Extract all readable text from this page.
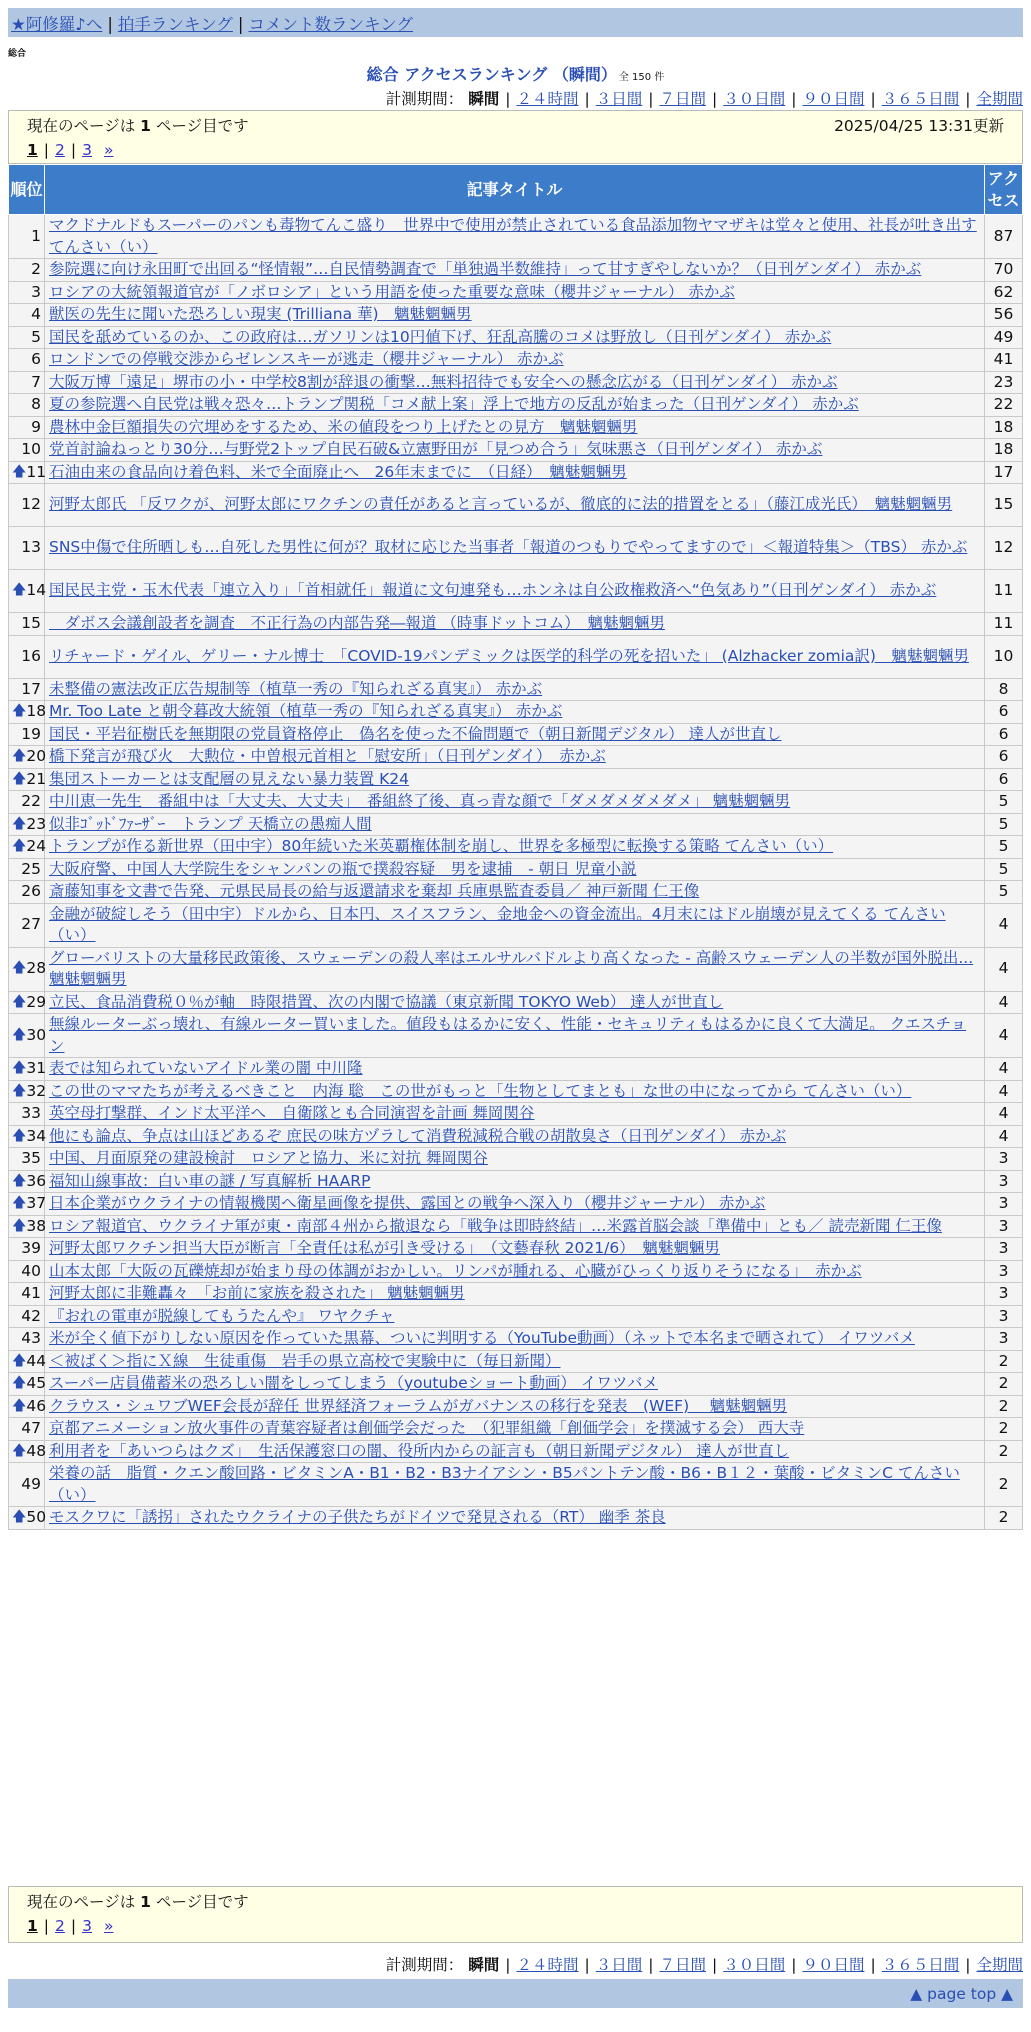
★阿修羅♪へ | 拍手ランキング | コメント数ランキング
総合
総合 アクセスランキング （瞬間） 全 150 件
計測期間： 瞬間 | ２４時間 | ３日間 | ７日間 | ３０日間 | ９０日間 | ３６５日間 | 全期間
現在のページは 1 ページ目です	2025/04/25 13:31更新
1 | 2 | 3 »
順位	記事タイトル	アクセス
1	マクドナルドもスーパーのパンも毒物てんこ盛り　世界中で使用が禁止されている食品添加物ヤマザキは堂々と使用、社長が吐き出す てんさい（い）	87
2	参院選に向け永田町で出回る“怪情報”…自民情勢調査で「単独過半数維持」って甘すぎやしないか？（日刊ゲンダイ） 赤かぶ	70
3	ロシアの大統領報道官が「ノボロシア」という用語を使った重要な意味（櫻井ジャーナル） 赤かぶ	62
4	獣医の先生に聞いた恐ろしい現実 (Trilliana 華)　魑魅魍魎男	56
5	国民を舐めているのか、この政府は…ガソリンは10円値下げ、狂乱高騰のコメは野放し（日刊ゲンダイ） 赤かぶ	49
6	ロンドンでの停戦交渉からゼレンスキーが逃走（櫻井ジャーナル） 赤かぶ	41
7	大阪万博「遠足」堺市の小・中学校8割が辞退の衝撃…無料招待でも安全への懸念広がる（日刊ゲンダイ） 赤かぶ	23
8	夏の参院選へ自民党は戦々恐々…トランプ関税「コメ献上案」浮上で地方の反乱が始まった（日刊ゲンダイ） 赤かぶ	22
9	農林中金巨額損失の穴埋めをするため、米の値段をつり上げたとの見方　魑魅魍魎男	18
10	党首討論ねっとり30分…与野党2トップ自民石破&立憲野田が「見つめ合う」気味悪さ（日刊ゲンダイ） 赤かぶ	18

🡅 11	石油由来の食品向け着色料、米で全面廃止へ　26年末までに　（日経）　魑魅魍魎男	17
12	河野太郎氏 「反ワクが、河野太郎にワクチンの責任があると言っているが、徹底的に法的措置をとる」（藤江成光氏）　魑魅魍魎男	15
13	SNS中傷で住所晒しも…自死した男性に何が？取材に応じた当事者「報道のつもりでやってますので」＜報道特集＞（TBS） 赤かぶ	12

🡅 14	国民民主党・玉木代表「連立入り」「首相就任」報道に文句連発も…ホンネは自公政権救済へ“色気あり”（日刊ゲンダイ） 赤かぶ	11
15	　ダボス会議創設者を調査　不正行為の内部告発―報道 （時事ドットコム）　魑魅魍魎男	11
16	リチャード・ゲイル、ゲリー・ナル博士　「COVID-19パンデミックは医学的科学の死を招いた」 (Alzhacker zomia訳)　魑魅魍魎男	10
17	未整備の憲法改正広告規制等（植草一秀の『知られざる真実』） 赤かぶ	8

🡅 18	Mr. Too Late と朝令暮改大統領（植草一秀の『知られざる真実』） 赤かぶ	6
19	国民・平岩征樹氏を無期限の党員資格停止　偽名を使った不倫問題で（朝日新聞デジタル） 達人が世直し	6

🡅 20	橋下発言が飛び火　大勲位・中曽根元首相と「慰安所」（日刊ゲンダイ）　赤かぶ	6

🡅 21	集団ストーカーとは支配層の見えない暴力装置 K24	6
22	中川恵一先生　番組中は「大丈夫、大丈夫」　番組終了後、真っ青な顔で「ダメダメダメダメ」 魑魅魍魎男	5

🡅 23	似非ｺﾞｯﾄﾞﾌｧｰｻﾞｰ　トランプ 天橋立の愚痴人間	5

🡅 24	トランプが作る新世界（田中宇）80年続いた米英覇権体制を崩し、世界を多極型に転換する策略 てんさい（い）	5
25	大阪府警、中国人大学院生をシャンパンの瓶で撲殺容疑　男を逮捕　- 朝日 児童小説	5
26	斎藤知事を文書で告発、元県民局長の給与返還請求を棄却 兵庫県監査委員／ 神戸新聞 仁王像	5
27	金融が破綻しそう（田中宇）ドルから、日本円、スイスフラン、金地金への資金流出。4月末にはドル崩壊が見えてくる てんさい（い）	4

🡅 28	グローバリストの大量移民政策後、スウェーデンの殺人率はエルサルバドルより高くなった - 高齢スウェーデン人の半数が国外脱出... 魑魅魍魎男	4

🡅 29	立民、食品消費税０％が軸　時限措置、次の内閣で協議（東京新聞 TOKYO Web） 達人が世直し	4

🡅 30	無線ルーターぶっ壊れ、有線ルーター買いました。値段もはるかに安く、性能・セキュリティもはるかに良くて大満足。 クエスチョン	4

🡅 31	表では知られていないアイドル業の闇 中川隆	4

🡅 32	この世のママたちが考えるべきこと　内海 聡　この世がもっと「生物としてまとも」な世の中になってから てんさい（い）	4
33	英空母打撃群、インド太平洋へ　自衛隊とも合同演習を計画 舞岡関谷	4

🡅 34	他にも論点、争点は山ほどあるぞ 庶民の味方ヅラして消費税減税合戦の胡散臭さ（日刊ゲンダイ） 赤かぶ	4
35	中国、月面原発の建設検討　ロシアと協力、米に対抗 舞岡関谷	3

🡅 36	福知山線事故：白い車の謎 / 写真解析 HAARP	3

🡅 37	日本企業がウクライナの情報機関へ衛星画像を提供、露国との戦争へ深入り（櫻井ジャーナル） 赤かぶ	3

🡅 38	ロシア報道官、ウクライナ軍が東・南部４州から撤退なら「戦争は即時終結」…米露首脳会談「準備中」とも／ 読売新聞 仁王像	3
39	河野太郎ワクチン担当大臣が断言「全責任は私が引き受ける」　（文藝春秋 2021/6）　魑魅魍魎男	3
40	山本太郎「大阪の瓦礫焼却が始まり母の体調がおかしい。リンパが腫れる、心臓がひっくり返りそうになる」　赤かぶ	3
41	河野太郎に非難轟々　「お前に家族を殺された」 魑魅魍魎男	3
42	『おれの電車が脱線してもうたんや』 ワヤクチャ	3
43	米が全く値下がりしない原因を作っていた黒幕、ついに判明する（YouTube動画）（ネットで本名まで晒されて） イワツバメ	3

🡅 44	＜被ばく＞指にＸ線　生徒重傷　岩手の県立高校で実験中に（毎日新聞）	2

🡅 45	スーパー店員備蓄米の恐ろしい闇をしってしまう（youtubeショート動画） イワツバメ	2

🡅 46	クラウス・シュワブWEF会長が辞任 世界経済フォーラムがガバナンスの移行を発表　(WEF)　 魑魅魍魎男	2
47	京都アニメーション放火事件の青葉容疑者は創価学会だった　（犯罪組織「創価学会」を撲滅する会） 西大寺	2

🡅 48	利用者を「あいつらはクズ」　生活保護窓口の闇、役所内からの証言も（朝日新聞デジタル） 達人が世直し	2
49	栄養の話　脂質・クエン酸回路・ビタミンA・B1・B2・B3ナイアシン・B5パントテン酸・B6・B１２・葉酸・ビタミンC てんさい（い）	2

🡅 50	モスクワに「誘拐」されたウクライナの子供たちがドイツで発見される（RT） 幽季 茶良	2
現在のページは 1 ページ目です
1 | 2 | 3 »
計測期間： 瞬間 | ２４時間 | ３日間 | ７日間 | ３０日間 | ９０日間 | ３６５日間 | 全期間
▲ page top ▲
